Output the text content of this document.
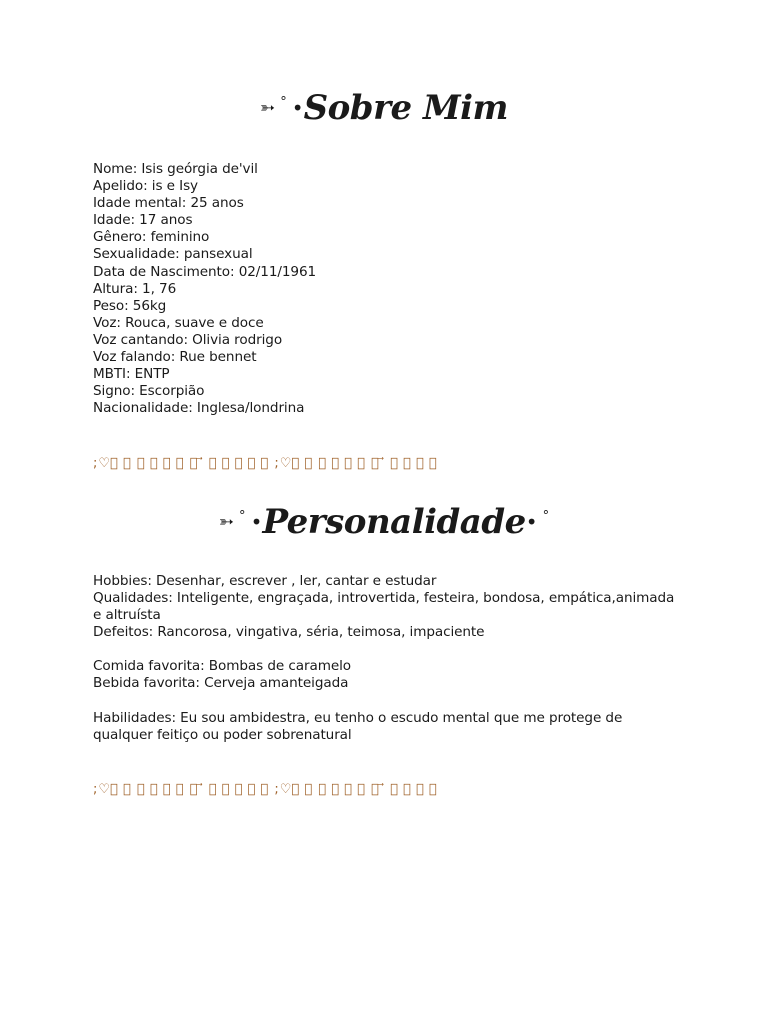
➳ ° •Sobre Mim
Nome: Isis geórgia de'vil
Apelido: is e Isy
Idade mental: 25 anos
Idade: 17 anos
Gênero: feminino
Sexualidade: pansexual
Data de Nascimento: 02/11/1961
Altura: 1, 76
Peso: 56kg
Voz: Rouca, suave e doce
Voz cantando: Olivia rodrigo
Voz falando: Rue bennet
MBTI: ENTP
Signo: Escorpião
Nacionalidade: Inglesa/londrina
;♡⃕ ⃞ ﹐ ⃞ ⃞ ⃞ ﹒ ⃗ ⸝ ⃞ ⃞ ⃞ ⃞ ;♡⃕ ⃞ ﹐ ⃞ ⃞ ⃞ ﹒ ⃗ ⸝ ⃞ ⃞ ⃞
➳ ° •Personalidade• °
Hobbies: Desenhar, escrever , ler, cantar e estudar
Qualidades: Inteligente, engraçada, introvertida, festeira, bondosa, empática,animada e altruísta
Defeitos: Rancorosa, vingativa, séria, teimosa, impaciente
Comida favorita: Bombas de caramelo
Bebida favorita: Cerveja amanteigada
Habilidades: Eu sou ambidestra, eu tenho o escudo mental que me protege de qualquer feitiço ou poder sobrenatural
;♡⃕ ⃞ ﹐ ⃞ ⃞ ⃞ ﹒ ⃗ ⸝ ⃞ ⃞ ⃞ ⃞ ;♡⃕ ⃞ ﹐ ⃞ ⃞ ⃞ ﹒ ⃗ ⸝ ⃞ ⃞ ⃞
